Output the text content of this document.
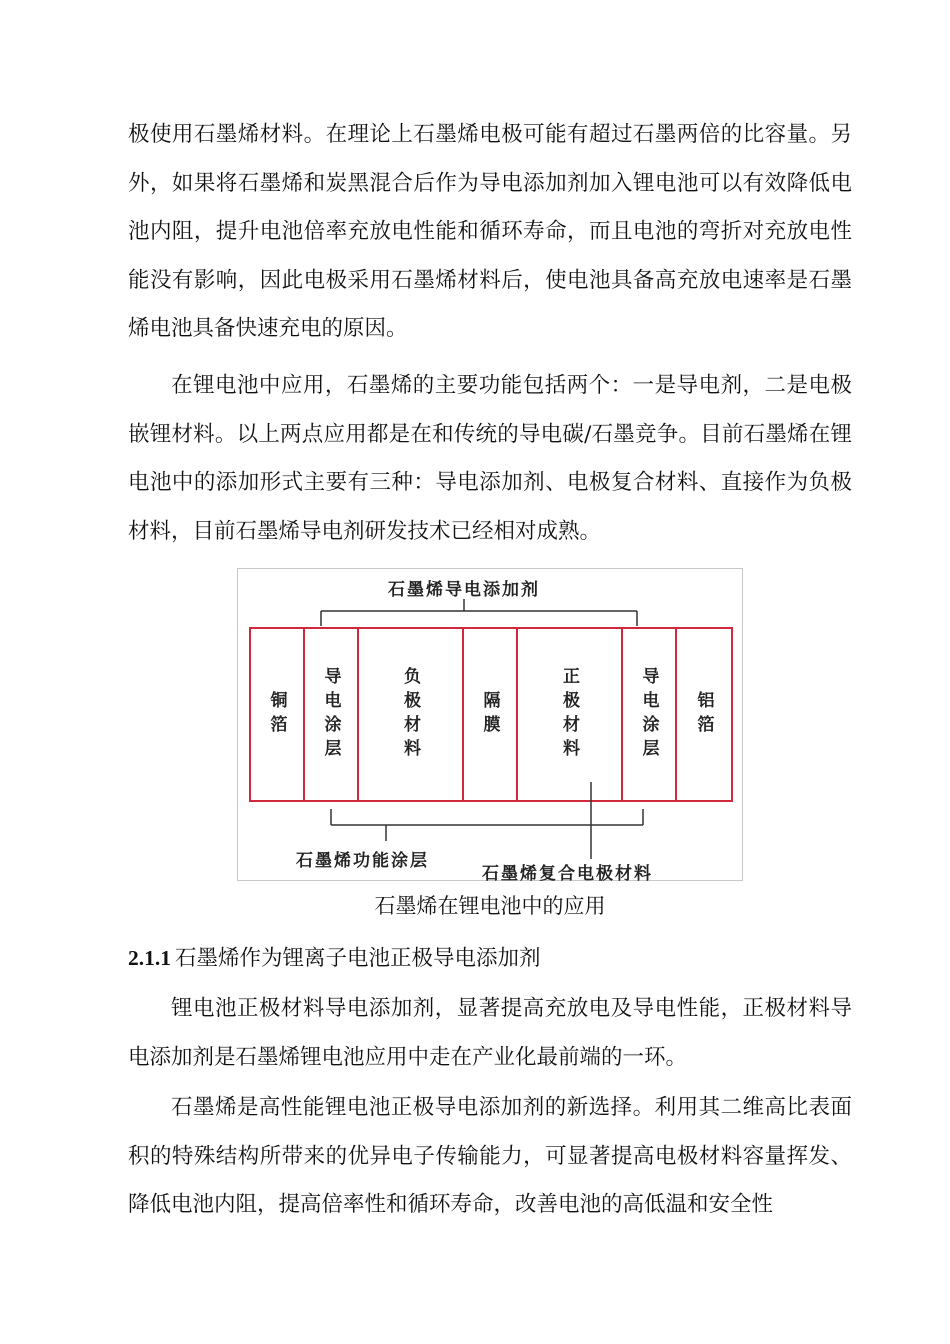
极使用石墨烯材料。在理论上石墨烯电极可能有超过石墨两倍的比容量。另外，如果将石墨烯和炭黑混合后作为导电添加剂加入锂电池可以有效降低电池内阻，提升电池倍率充放电性能和循环寿命，而且电池的弯折对充放电性能没有影响，因此电极采用石墨烯材料后，使电池具备高充放电速率是石墨烯电池具备快速充电的原因。
在锂电池中应用，石墨烯的主要功能包括两个：一是导电剂，二是电极嵌锂材料。以上两点应用都是在和传统的导电碳/石墨竞争。目前石墨烯在锂电池中的添加形式主要有三种：导电添加剂、电极复合材料、直接作为负极材料，目前石墨烯导电剂研发技术已经相对成熟。
石墨烯导电添加剂
铜箔 导电涂层	负极材料	隔膜	正极材料	导电涂层 铝箔
石墨烯功能涂层
石墨烯复合电极材料
石墨烯在锂电池中的应用
2.1.1 石墨烯作为锂离子电池正极导电添加剂
锂电池正极材料导电添加剂，显著提高充放电及导电性能，正极材料导电添加剂是石墨烯锂电池应用中走在产业化最前端的一环。
石墨烯是高性能锂电池正极导电添加剂的新选择。利用其二维高比表面积的特殊结构所带来的优异电子传输能力，可显著提高电极材料容量挥发、降低电池内阻，提高倍率性和循环寿命，改善电池的高低温和安全性
